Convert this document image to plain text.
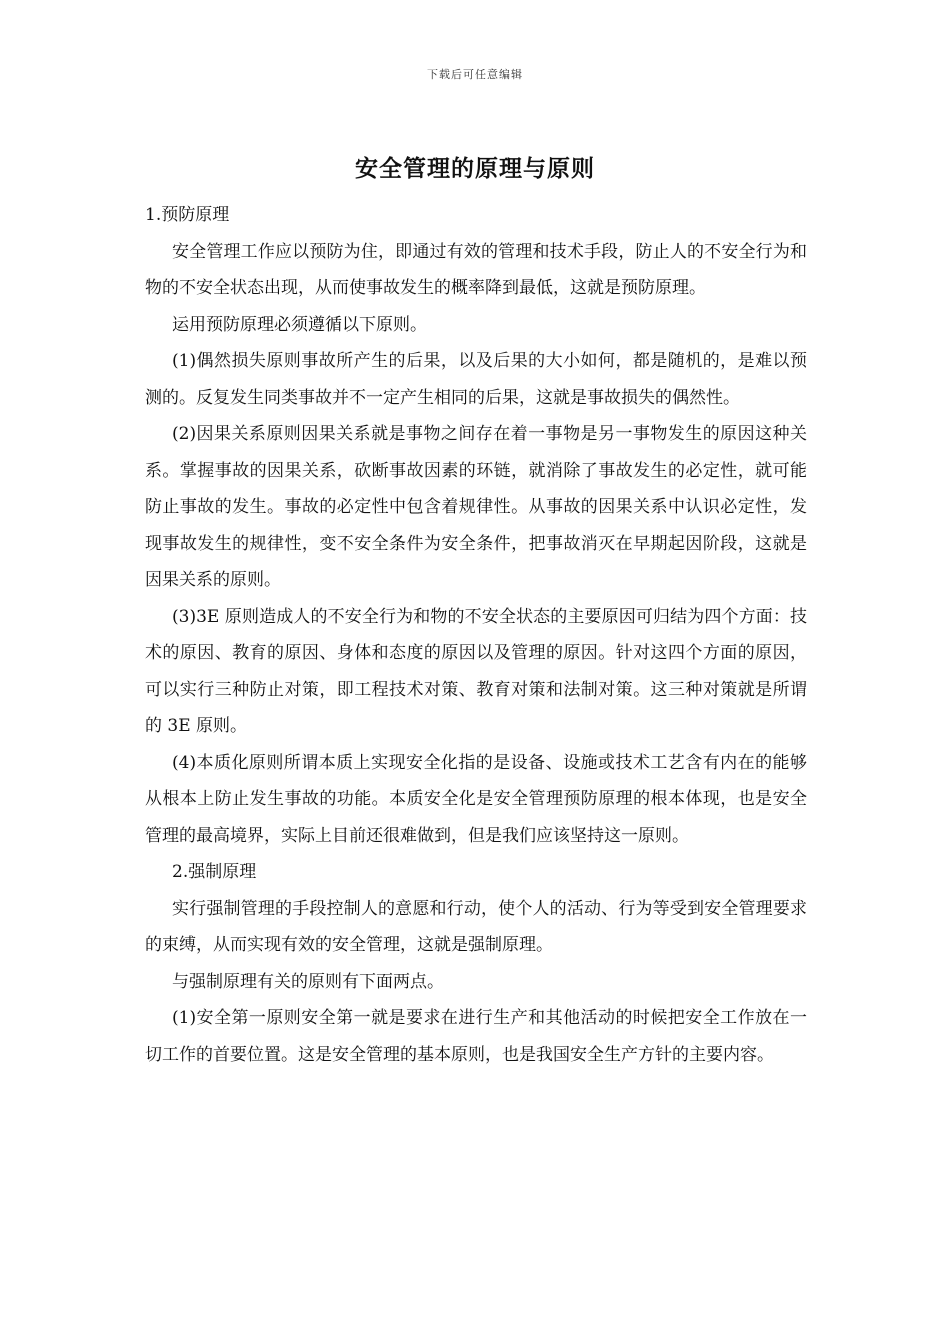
下载后可任意编辑
安全管理的原理与原则

1.预防原理

安全管理工作应以预防为住，即通过有效的管理和技术手段，防止人的不安全行为和物的不安全状态出现，从而使事故发生的概率降到最低，这就是预防原理。

运用预防原理必须遵循以下原则。

(1)偶然损失原则事故所产生的后果，以及后果的大小如何，都是随机的，是难以预测的。反复发生同类事故并不一定产生相同的后果，这就是事故损失的偶然性。

(2)因果关系原则因果关系就是事物之间存在着一事物是另一事物发生的原因这种关系。掌握事故的因果关系，砍断事故因素的环链，就消除了事故发生的必定性，就可能防止事故的发生。事故的必定性中包含着规律性。从事故的因果关系中认识必定性，发现事故发生的规律性，变不安全条件为安全条件，把事故消灭在早期起因阶段，这就是因果关系的原则。

(3)3E 原则造成人的不安全行为和物的不安全状态的主要原因可归结为四个方面：技术的原因、教育的原因、身体和态度的原因以及管理的原因。针对这四个方面的原因，可以实行三种防止对策，即工程技术对策、教育对策和法制对策。这三种对策就是所谓的 3E 原则。

(4)本质化原则所谓本质上实现安全化指的是设备、设施或技术工艺含有内在的能够从根本上防止发生事故的功能。本质安全化是安全管理预防原理的根本体现，也是安全管理的最高境界，实际上目前还很难做到，但是我们应该坚持这一原则。

2.强制原理

实行强制管理的手段控制人的意愿和行动，使个人的活动、行为等受到安全管理要求的束缚，从而实现有效的安全管理，这就是强制原理。

与强制原理有关的原则有下面两点。

(1)安全第一原则安全第一就是要求在进行生产和其他活动的时候把安全工作放在一切工作的首要位置。这是安全管理的基本原则，也是我国安全生产方针的主要内容。
